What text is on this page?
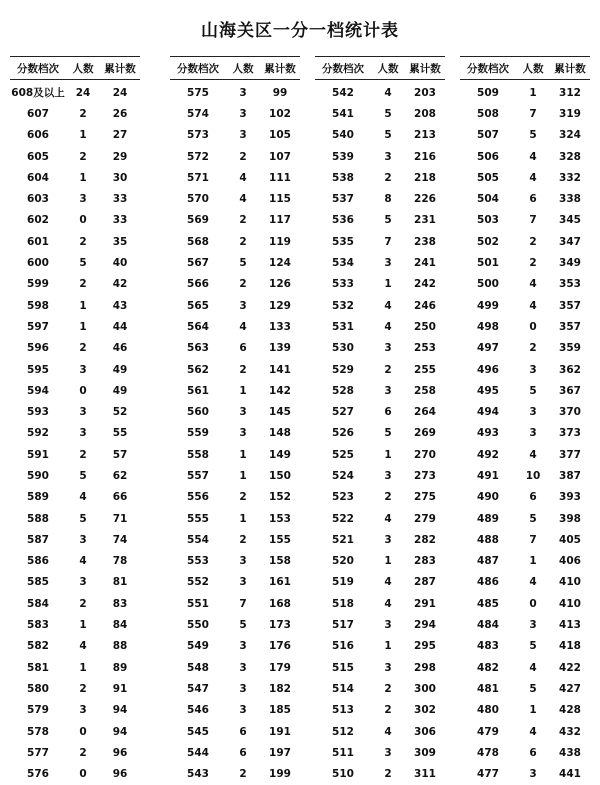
山海关区一分一档统计表
分数档次	人数	累计数
608及以上	24	24
607	2	26
606	1	27
605	2	29
604	1	30
603	3	33
602	0	33
601	2	35
600	5	40
599	2	42
598	1	43
597	1	44
596	2	46
595	3	49
594	0	49
593	3	52
592	3	55
591	2	57
590	5	62
589	4	66
588	5	71
587	3	74
586	4	78
585	3	81
584	2	83
583	1	84
582	4	88
581	1	89
580	2	91
579	3	94
578	0	94
577	2	96
576	0	96
分数档次	人数	累计数
575	3	99
574	3	102
573	3	105
572	2	107
571	4	111
570	4	115
569	2	117
568	2	119
567	5	124
566	2	126
565	3	129
564	4	133
563	6	139
562	2	141
561	1	142
560	3	145
559	3	148
558	1	149
557	1	150
556	2	152
555	1	153
554	2	155
553	3	158
552	3	161
551	7	168
550	5	173
549	3	176
548	3	179
547	3	182
546	3	185
545	6	191
544	6	197
543	2	199
分数档次	人数	累计数
542	4	203
541	5	208
540	5	213
539	3	216
538	2	218
537	8	226
536	5	231
535	7	238
534	3	241
533	1	242
532	4	246
531	4	250
530	3	253
529	2	255
528	3	258
527	6	264
526	5	269
525	1	270
524	3	273
523	2	275
522	4	279
521	3	282
520	1	283
519	4	287
518	4	291
517	3	294
516	1	295
515	3	298
514	2	300
513	2	302
512	4	306
511	3	309
510	2	311
分数档次	人数	累计数
509	1	312
508	7	319
507	5	324
506	4	328
505	4	332
504	6	338
503	7	345
502	2	347
501	2	349
500	4	353
499	4	357
498	0	357
497	2	359
496	3	362
495	5	367
494	3	370
493	3	373
492	4	377
491	10	387
490	6	393
489	5	398
488	7	405
487	1	406
486	4	410
485	0	410
484	3	413
483	5	418
482	4	422
481	5	427
480	1	428
479	4	432
478	6	438
477	3	441
